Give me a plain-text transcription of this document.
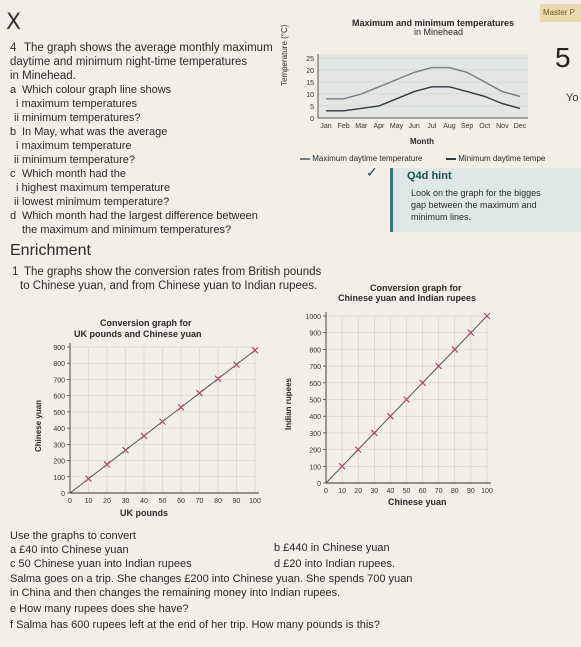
X	Master P
5
Yo
4 The graph shows the average monthly maximum
daytime and minimum night-time temperatures
in Minehead.
a Which colour graph line shows
i maximum temperatures
ii minimum temperatures?
b In May, what was the average
i maximum temperature
ii minimum temperature?
c Which month had the
i highest maximum temperature
ii lowest minimum temperature?
d Which month had the largest difference between
the maximum and minimum temperatures?
Maximum and minimum temperatures
in Minehead
0
5
10
15
20
25
Jan Feb Mar Apr May Jun Jul Aug Sep Oct Nov Dec
Month
Temperature (°C)
Maximum daytime temperature	Minimum daytime tempe
Q4d hint
Look on the graph for the bigges
gap between the maximum and
minimum lines.
✓
Enrichment
1 The graphs show the conversion rates from British pounds
to Chinese yuan, and from Chinese yuan to Indian rupees.
Conversion graph for
UK pounds and Chinese yuan
Chinese yuan
UK pounds
Conversion graph for
Chinese yuan and Indian rupees
Indian rupees
Chinese yuan
Use the graphs to convert
a £40 into Chinese yuan	b £440 in Chinese yuan
c 50 Chinese yuan into Indian rupees	d £20 into Indian rupees.
Salma goes on a trip. She changes £200 into Chinese yuan. She spends 700 yuan
in China and then changes the remaining money into Indian rupees.
e How many rupees does she have?
f Salma has 600 rupees left at the end of her trip. How many pounds is this?
0
100
200
300
400
500
600
700
800
900
0 10 20 30 40 50 60 70 80 90 100
0
100
200
300
400
500
600
700
800
900
1000
0 10 20 30 40 50 60 70 80 90 100
